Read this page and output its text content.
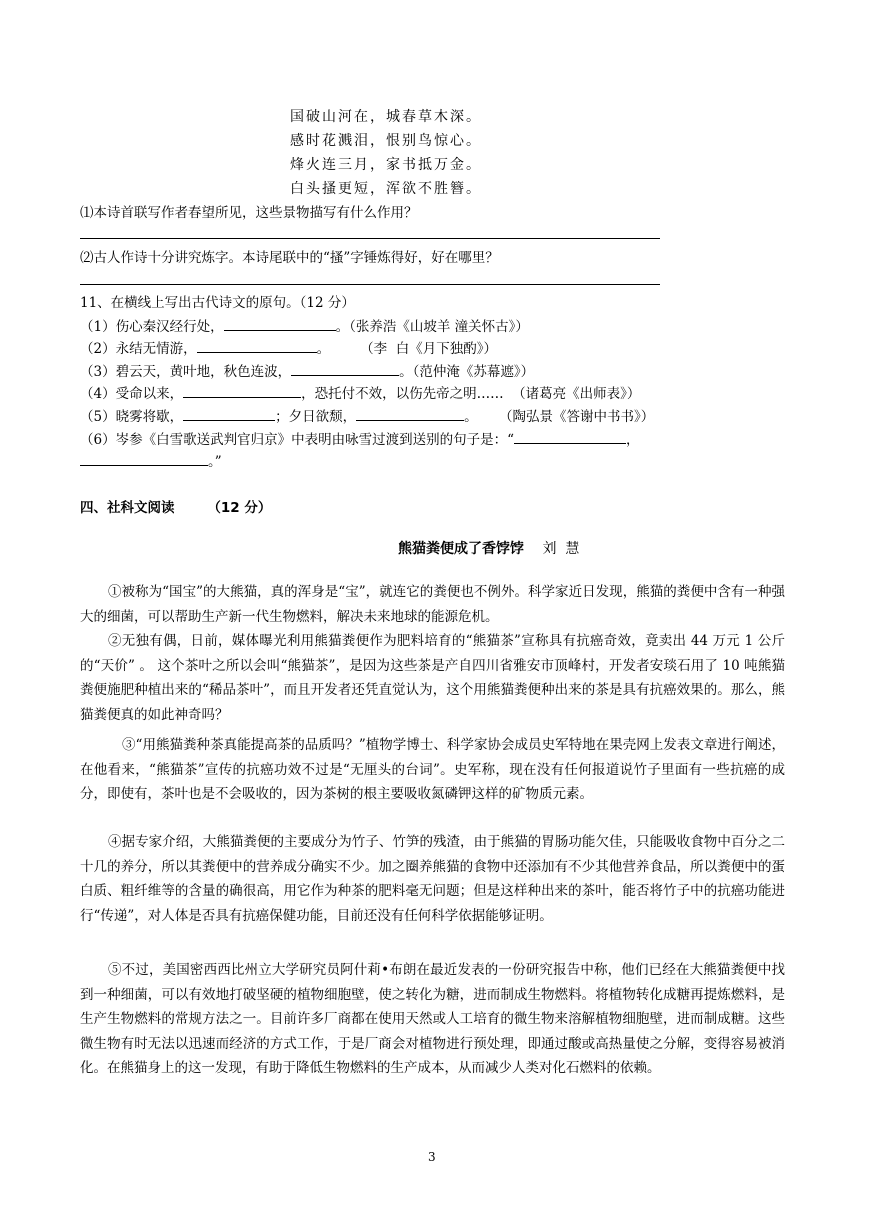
国破山河在，城春草木深。
感时花溅泪，恨别鸟惊心。
烽火连三月，家书抵万金。
白头搔更短，浑欲不胜簪。
⑴本诗首联写作者春望所见，这些景物描写有什么作用？
⑵古人作诗十分讲究炼字。本诗尾联中的“搔”字锤炼得好，好在哪里？
11、在横线上写出古代诗文的原句。（12 分）
（1）伤心秦汉经行处，	。（张养浩《山坡羊 潼关怀古》）
（2）永结无情游，	。       （李  白《月下独酌》）
（3）碧云天，黄叶地，秋色连波，	。（范仲淹《苏幕遮》）
（4）受命以来，	，恐托付不效，以伤先帝之明……  （诸葛亮《出师表》）
（5）晓雾将歇，	；夕日欲颓，	。     （陶弘景《答谢中书书》）
（6）岑参《白雪歌送武判官归京》中表明由咏雪过渡到送别的句子是：“	，
。”
四、社科文阅读       （12 分）
熊猫粪便成了香饽饽 刘  慧
①被称为“国宝”的大熊猫，真的浑身是“宝”，就连它的粪便也不例外。科学家近日发现，熊猫的粪便中含有一种强大的细菌，可以帮助生产新一代生物燃料，解决未来地球的能源危机。
②无独有偶，日前，媒体曝光利用熊猫粪便作为肥料培育的“熊猫茶”宣称具有抗癌奇效，竟卖出 44 万元 1 公斤的“天价” 。 这个茶叶之所以会叫“熊猫茶”，是因为这些茶是产自四川省雅安市顶峰村，开发者安琰石用了 10 吨熊猫粪便施肥种植出来的“稀品茶叶”，而且开发者还凭直觉认为，这个用熊猫粪便种出来的茶是具有抗癌效果的。那么，熊猫粪便真的如此神奇吗？
③“用熊猫粪种茶真能提高茶的品质吗？”植物学博士、科学家协会成员史军特地在果壳网上发表文章进行阐述，在他看来，“熊猫茶”宣传的抗癌功效不过是“无厘头的台词”。史军称，现在没有任何报道说竹子里面有一些抗癌的成分，即使有，茶叶也是不会吸收的，因为茶树的根主要吸收氮磷钾这样的矿物质元素。
④据专家介绍，大熊猫粪便的主要成分为竹子、竹笋的残渣，由于熊猫的胃肠功能欠佳，只能吸收食物中百分之二十几的养分，所以其粪便中的营养成分确实不少。加之圈养熊猫的食物中还添加有不少其他营养食品，所以粪便中的蛋白质、粗纤维等的含量的确很高，用它作为种茶的肥料毫无问题；但是这样种出来的茶叶，能否将竹子中的抗癌功能进行“传递”，对人体是否具有抗癌保健功能，目前还没有任何科学依据能够证明。
⑤不过，美国密西西比州立大学研究员阿什莉•布朗在最近发表的一份研究报告中称，他们已经在大熊猫粪便中找到一种细菌，可以有效地打破坚硬的植物细胞壁，使之转化为糖，进而制成生物燃料。将植物转化成糖再提炼燃料，是生产生物燃料的常规方法之一。目前许多厂商都在使用天然或人工培育的微生物来溶解植物细胞壁，进而制成糖。这些微生物有时无法以迅速而经济的方式工作，于是厂商会对植物进行预处理，即通过酸或高热量使之分解，变得容易被消化。在熊猫身上的这一发现，有助于降低生物燃料的生产成本，从而减少人类对化石燃料的依赖。
3
